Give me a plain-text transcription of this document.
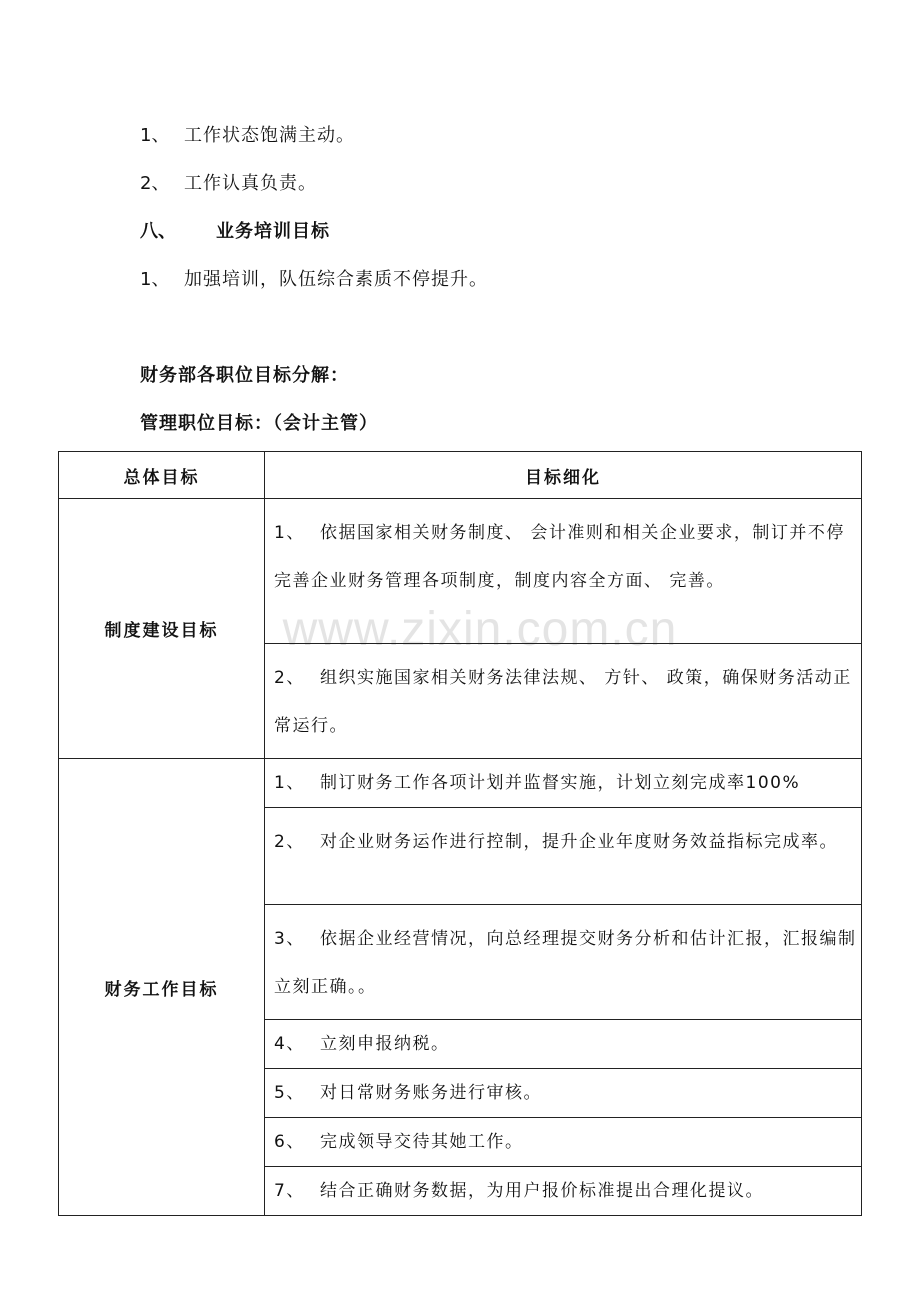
www.zixin.com.cn
1、 工作状态饱满主动。
2、 工作认真负责。
八、 业务培训目标
1、 加强培训，队伍综合素质不停提升。
财务部各职位目标分解：
管理职位目标：（会计主管）
总体目标	目标细化
制度建设目标	1、 依据国家相关财务制度、 会计准则和相关企业要求，制订并不停完善企业财务管理各项制度，制度内容全方面、 完善。
	2、 组织实施国家相关财务法律法规、 方针、 政策，确保财务活动正常运行。
财务工作目标	1、 制订财务工作各项计划并监督实施，计划立刻完成率100%
	2、 对企业财务运作进行控制，提升企业年度财务效益指标完成率。
	3、 依据企业经营情况，向总经理提交财务分析和估计汇报，汇报编制立刻正确。。
	4、 立刻申报纳税。
	5、 对日常财务账务进行审核。
	6、 完成领导交待其她工作。
	7、 结合正确财务数据，为用户报价标准提出合理化提议。
